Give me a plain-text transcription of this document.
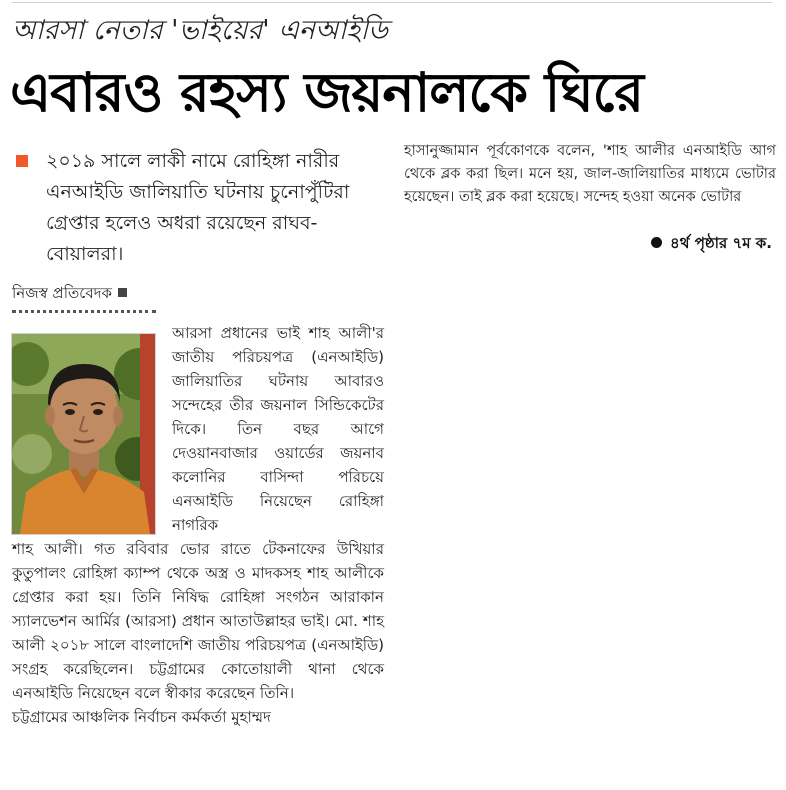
আরসা নেতার 'ভাইয়ের' এনআইডি
এবারও রহস্য জয়নালকে ঘিরে
২০১৯ সালে লাকী নামে রোহিঙ্গা নারীর এনআইডি জালিয়াতি ঘটনায় চুনোপুঁটিরা গ্রেপ্তার হলেও অধরা রয়েছেন রাঘব-বোয়ালরা।
হাসানুজ্জামান পূর্বকোণকে বলেন, 'শাহ আলীর এনআইডি আগ থেকে ব্লক করা ছিল। মনে হয়, জাল-জালিয়াতির মাধ্যমে ভোটার হয়েছেন। তাই ব্লক করা হয়েছে। সন্দেহ হওয়া অনেক ভোটার
৪র্থ পৃষ্ঠার ৭ম ক.
নিজস্ব প্রতিবেদক
আরসা প্রধানের ভাই শাহ আলী'র জাতীয় পরিচয়পত্র (এনআইডি) জালিয়াতির ঘটনায় আবারও সন্দেহের তীর জয়নাল সিন্ডিকেটের দিকে। তিন বছর আগে দেওয়ানবাজার ওয়ার্ডের জয়নাব কলোনির বাসিন্দা পরিচয়ে এনআইডি নিয়েছেন রোহিঙ্গা নাগরিক
শাহ আলী। গত রবিবার ভোর রাতে টেকনাফের উখিয়ার কুতুপালং রোহিঙ্গা ক্যাম্প থেকে অস্ত্র ও মাদকসহ শাহ আলীকে গ্রেপ্তার করা হয়। তিনি নিষিদ্ধ রোহিঙ্গা সংগঠন আরাকান স্যালভেশন আর্মির (আরসা) প্রধান আতাউল্লাহর ভাই। মো. শাহ আলী ২০১৮ সালে বাংলাদেশি জাতীয় পরিচয়পত্র (এনআইডি) সংগ্রহ করেছিলেন। চট্টগ্রামের কোতোয়ালী থানা থেকে এনআইডি নিয়েছেন বলে স্বীকার করেছেন তিনি।
চট্টগ্রামের আঞ্চলিক নির্বাচন কর্মকর্তা মুহাম্মদ
